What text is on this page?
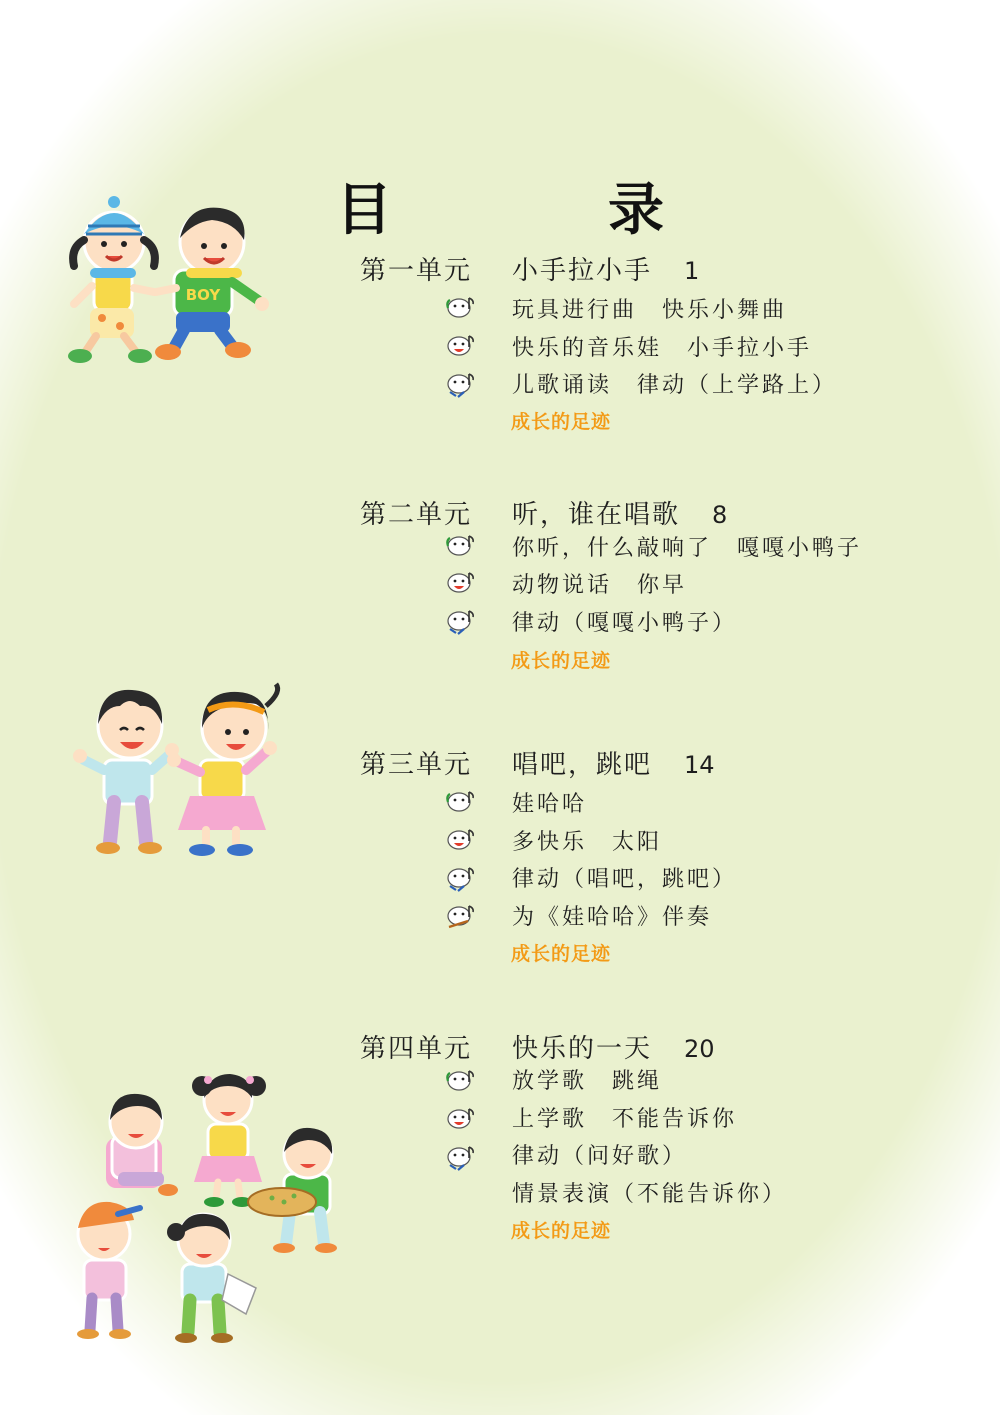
目　录
第一单元 小手拉小手 1
玩具进行曲　快乐小舞曲
快乐的音乐娃　小手拉小手
儿歌诵读　律动（上学路上）
成长的足迹
第二单元 听，谁在唱歌 8
你听，什么敲响了　嘎嘎小鸭子
动物说话　你早
律动（嘎嘎小鸭子）
成长的足迹
第三单元 唱吧，跳吧 14
娃哈哈
多快乐　太阳
律动（唱吧，跳吧）
为《娃哈哈》伴奏
成长的足迹
第四单元 快乐的一天 20
放学歌　跳绳
上学歌　不能告诉你
律动（问好歌）
情景表演（不能告诉你）
成长的足迹
BOY
